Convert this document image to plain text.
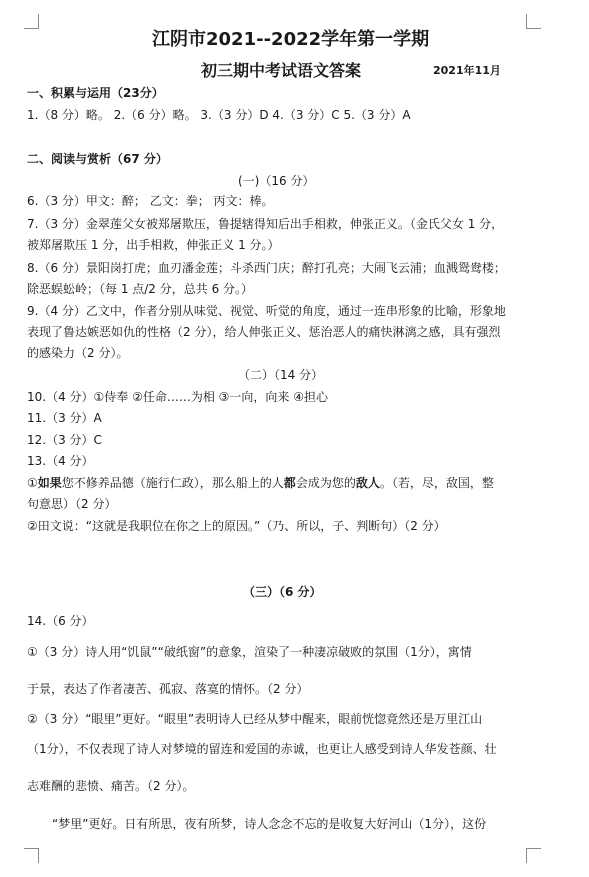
江阴市2021--2022学年第一学期
初三期中考试语文答案	2021年11月
一、积累与运用（23分）
1.（8 分）略。 2.（6 分）略。 3.（3 分）D 4.（3 分）C 5.（3 分）A
二、阅读与赏析（67 分）
(一)（16 分）
6.（3 分）甲文：醉； 乙文：拳； 丙文：棒。
7.（3 分）金翠莲父女被郑屠欺压，鲁提辖得知后出手相救，伸张正义。（金氏父女 1 分，
被郑屠欺压 1 分，出手相救，伸张正义 1 分。）
8.（6 分）景阳岗打虎；血刃潘金莲；斗杀西门庆；醉打孔亮；大闹飞云浦；血溅鸳鸯楼；
除恶蜈蚣岭；（每 1 点/2 分，总共 6 分。）
9.（4 分）乙文中，作者分别从味觉、视觉、听觉的角度，通过一连串形象的比喻，形象地
表现了鲁达嫉恶如仇的性格（2 分），给人伸张正义、惩治恶人的痛快淋漓之感，具有强烈
的感染力（2 分）。
（二）（14 分）
10.（4 分）①侍奉 ②任命……为相 ③一向，向来 ④担心
11.（3 分）A
12.（3 分）C
13.（4 分）
①如果您不修养品德（施行仁政），那么船上的人都会成为您的敌人。（若，尽，敌国，整
句意思）（2 分）
②田文说：“这就是我职位在你之上的原因。”（乃、所以，子、判断句）（2 分）
（三）（6 分）
14.（6 分）
①（3 分）诗人用“饥鼠”“破纸窗”的意象，渲染了一种凄凉破败的氛围（1分），寓情
于景，表达了作者凄苦、孤寂、落寞的情怀。（2 分）
②（3 分）“眼里”更好。“眼里”表明诗人已经从梦中醒来，眼前恍惚竟然还是万里江山
（1分），不仅表现了诗人对梦境的留连和爱国的赤诚，也更让人感受到诗人华发苍颜、壮
志难酬的悲愤、痛苦。（2 分）。
“梦里”更好。日有所思，夜有所梦，诗人念念不忘的是收复大好河山（1分），这份
